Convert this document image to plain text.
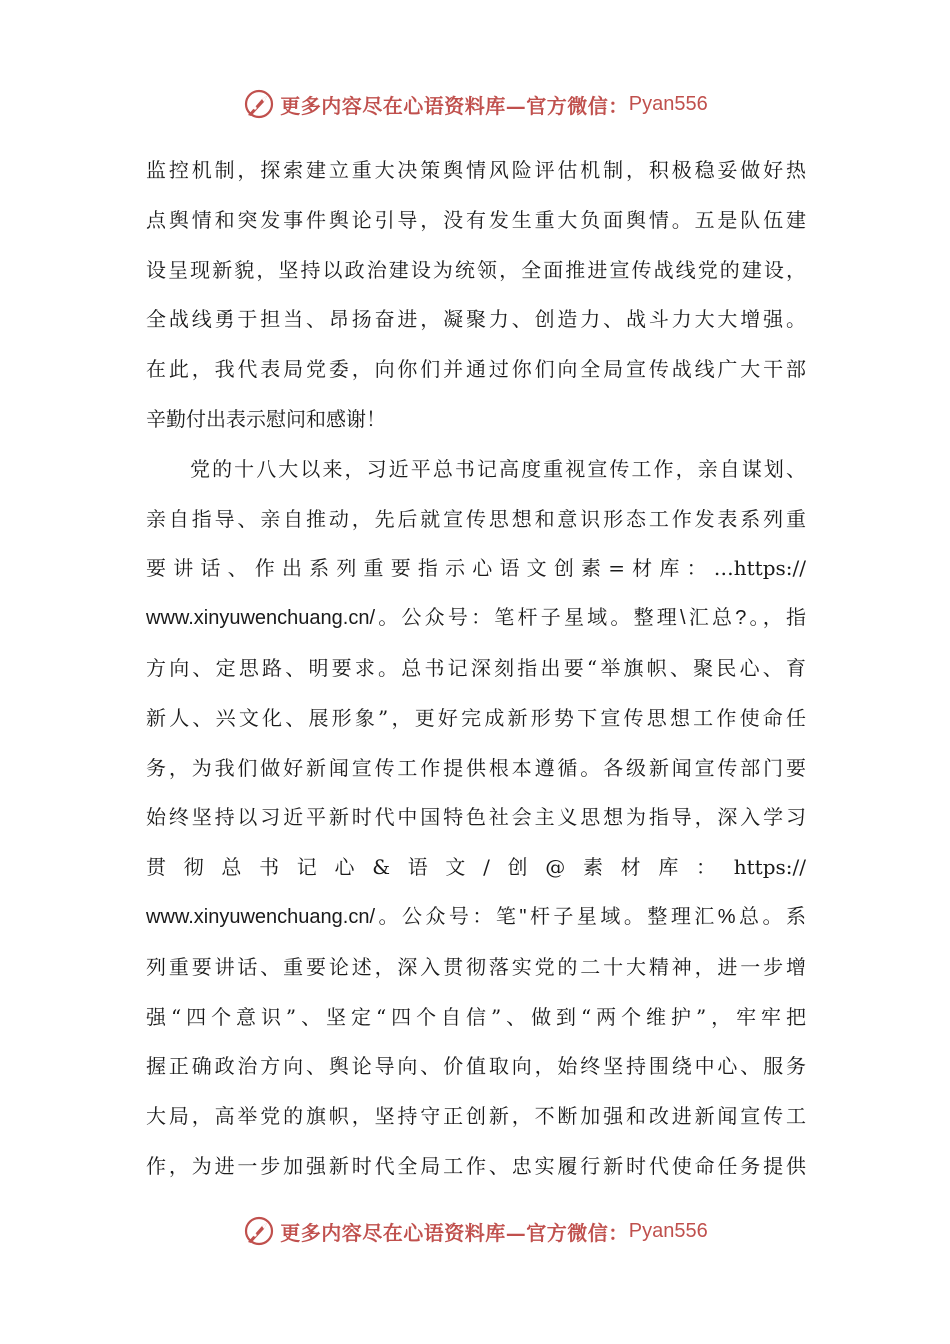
更多内容尽在心语资料库—官方微信： Pyan556
监控机制，探索建立重大决策舆情风险评估机制，积极稳妥做好热
点舆情和突发事件舆论引导，没有发生重大负面舆情。五是队伍建
设呈现新貌，坚持以政治建设为统领，全面推进宣传战线党的建设，
全战线勇于担当、昂扬奋进，凝聚力、创造力、战斗力大大增强。
在此，我代表局党委，向你们并通过你们向全局宣传战线广大干部
辛勤付出表示慰问和感谢！
党的十八大以来，习近平总书记高度重视宣传工作，亲自谋划、
亲自指导、亲自推动，先后就宣传思想和意识形态工作发表系列重
要讲话、作出系列重要指示心语文创素=材库：…https://
www.xinyuwenchuang.cn/。公众号：笔杆子星域。整理\汇总?。，指
方向、定思路、明要求。总书记深刻指出要“举旗帜、聚民心、育
新人、兴文化、展形象”，更好完成新形势下宣传思想工作使命任
务，为我们做好新闻宣传工作提供根本遵循。各级新闻宣传部门要
始终坚持以习近平新时代中国特色社会主义思想为指导，深入学习
贯彻总书记心&语文/创@素材库：https://
www.xinyuwenchuang.cn/。公众号：笔"杆子星域。整理汇%总。系
列重要讲话、重要论述，深入贯彻落实党的二十大精神，进一步增
强“四个意识”、坚定“四个自信”、做到“两个维护”，牢牢把
握正确政治方向、舆论导向、价值取向，始终坚持围绕中心、服务
大局，高举党的旗帜，坚持守正创新，不断加强和改进新闻宣传工
作，为进一步加强新时代全局工作、忠实履行新时代使命任务提供
更多内容尽在心语资料库—官方微信： Pyan556
